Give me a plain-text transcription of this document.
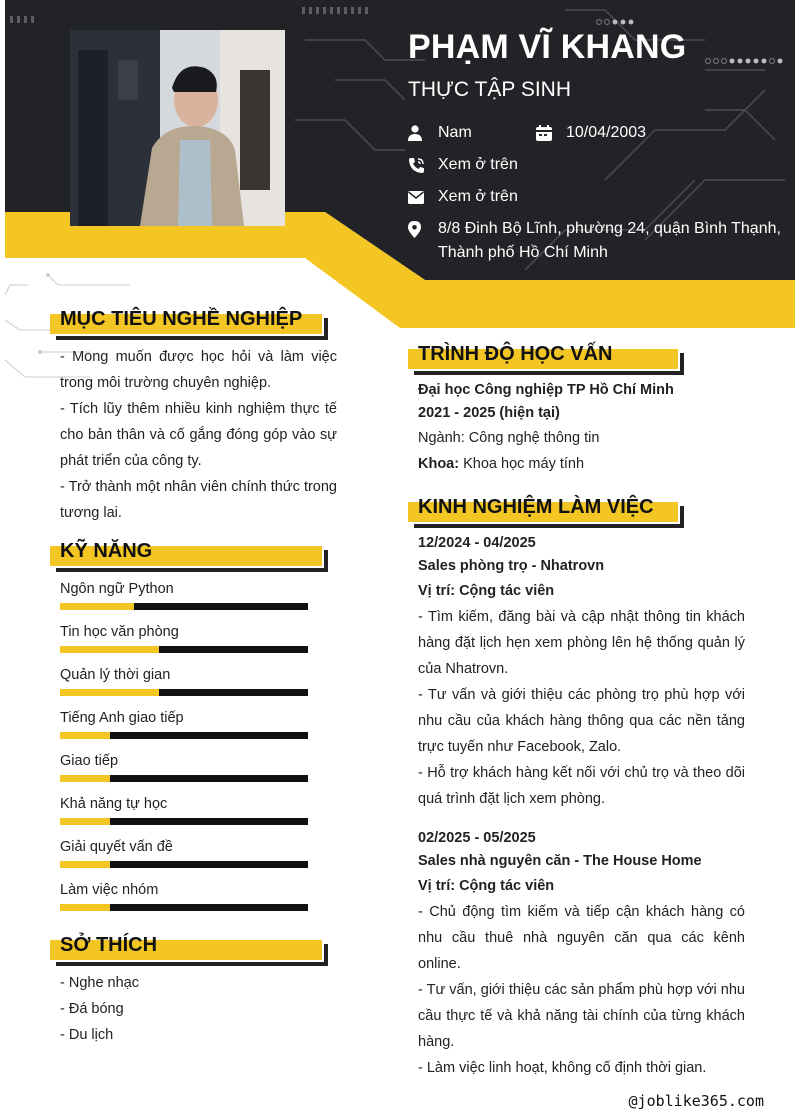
PHẠM VĨ KHANG
THỰC TẬP SINH
Nam	10/04/2003
Xem ở trên
Xem ở trên
8/8 Đinh Bộ Lĩnh, phường 24, quận Bình Thạnh,
Thành phố Hồ Chí Minh
MỤC TIÊU NGHỀ NGHIỆP

- Mong muốn được học hỏi và làm việc trong môi trường chuyên nghiệp.

- Tích lũy thêm nhiều kinh nghiệm thực tế cho bản thân và cố gắng đóng góp vào sự phát triển của công ty.

- Trở thành một nhân viên chính thức trong tương lai.

KỸ NĂNG
Ngôn ngữ Python
Tin học văn phòng
Quản lý thời gian
Tiếng Anh giao tiếp
Giao tiếp
Khả năng tự học
Giải quyết vấn đề
Làm việc nhóm
SỞ THÍCH

- Nghe nhạc

- Đá bóng

- Du lịch

TRÌNH ĐỘ HỌC VẤN
Đại học Công nghiệp TP Hồ Chí Minh
2021 - 2025 (hiện tại)
Ngành: Công nghệ thông tin
Khoa: Khoa học máy tính
KINH NGHIỆM LÀM VIỆC
12/2024 - 04/2025
Sales phòng trọ - Nhatrovn
Vị trí: Cộng tác viên

- Tìm kiếm, đăng bài và cập nhật thông tin khách hàng đặt lịch hẹn xem phòng lên hệ thống quản lý của Nhatrovn.

- Tư vấn và giới thiệu các phòng trọ phù hợp với nhu cầu của khách hàng thông qua các nền tảng trực tuyến như Facebook, Zalo.

- Hỗ trợ khách hàng kết nối với chủ trọ và theo dõi quá trình đặt lịch xem phòng.

02/2025 - 05/2025
Sales nhà nguyên căn - The House Home
Vị trí: Cộng tác viên

- Chủ động tìm kiếm và tiếp cận khách hàng có nhu cầu thuê nhà nguyên căn qua các kênh online.

- Tư vấn, giới thiệu các sản phẩm phù hợp với nhu cầu thực tế và khả năng tài chính của từng khách hàng.

- Làm việc linh hoạt, không cố định thời gian.

@joblike365.com
